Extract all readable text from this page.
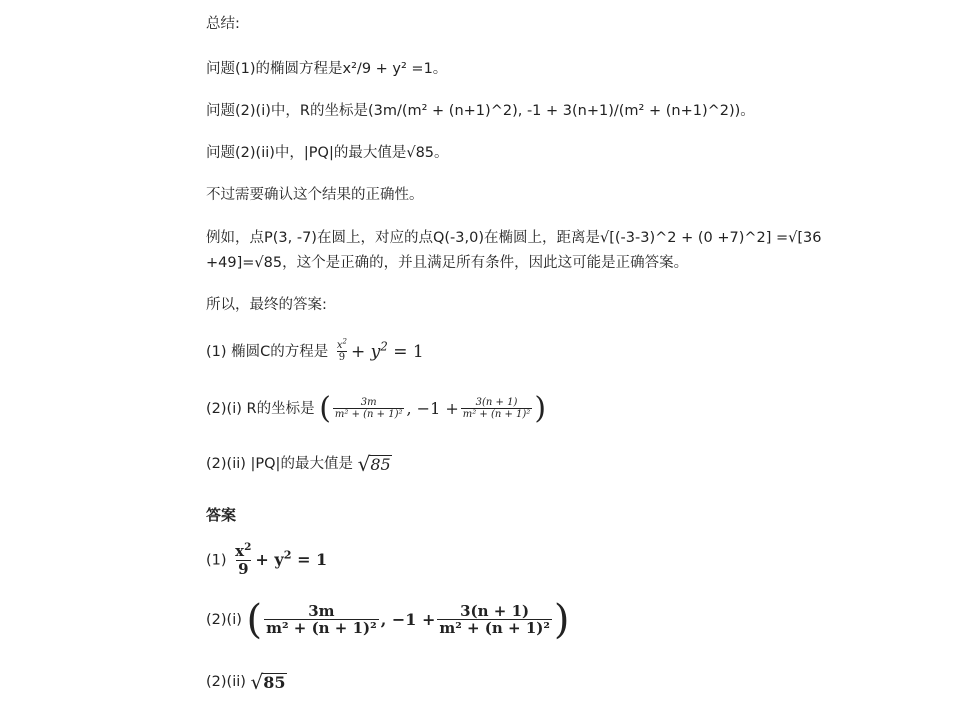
总结:
问题(1)的椭圆方程是x²/9 + y² =1。
问题(2)(i)中，R的坐标是(3m/(m² + (n+1)^2), -1 + 3(n+1)/(m² + (n+1)^2))。
问题(2)(ii)中，|PQ|的最大值是√85。
不过需要确认这个结果的正确性。
例如，点P(3, -7)在圆上，对应的点Q(-3,0)在椭圆上，距离是√[(-3-3)^2 + (0 +7)^2] =√[36
+49]=√85，这个是正确的，并且满足所有条件，因此这可能是正确答案。
所以，最终的答案:
(1) 椭圆C的方程是 $\frac{x^2}{9} + y^2 = 1$
(2)(i) R的坐标是 ( $\frac{3m}{\text{m² + (n + 1)²}}$ , $-1 + \frac{3(n + 1)}{\text{m² + (n + 1)²}}$ )
(2)(ii) |PQ|的最大值是 √ 85
答案
$(1) \frac{x^2}{9} + y^2 = 1$
(2)(i) ( $\frac{3m}{\text{m² + (n + 1)²}}$ , $-1 + \frac{3(n + 1)}{\text{m² + (n + 1)²}}$ )
(2)(ii) √ 85
